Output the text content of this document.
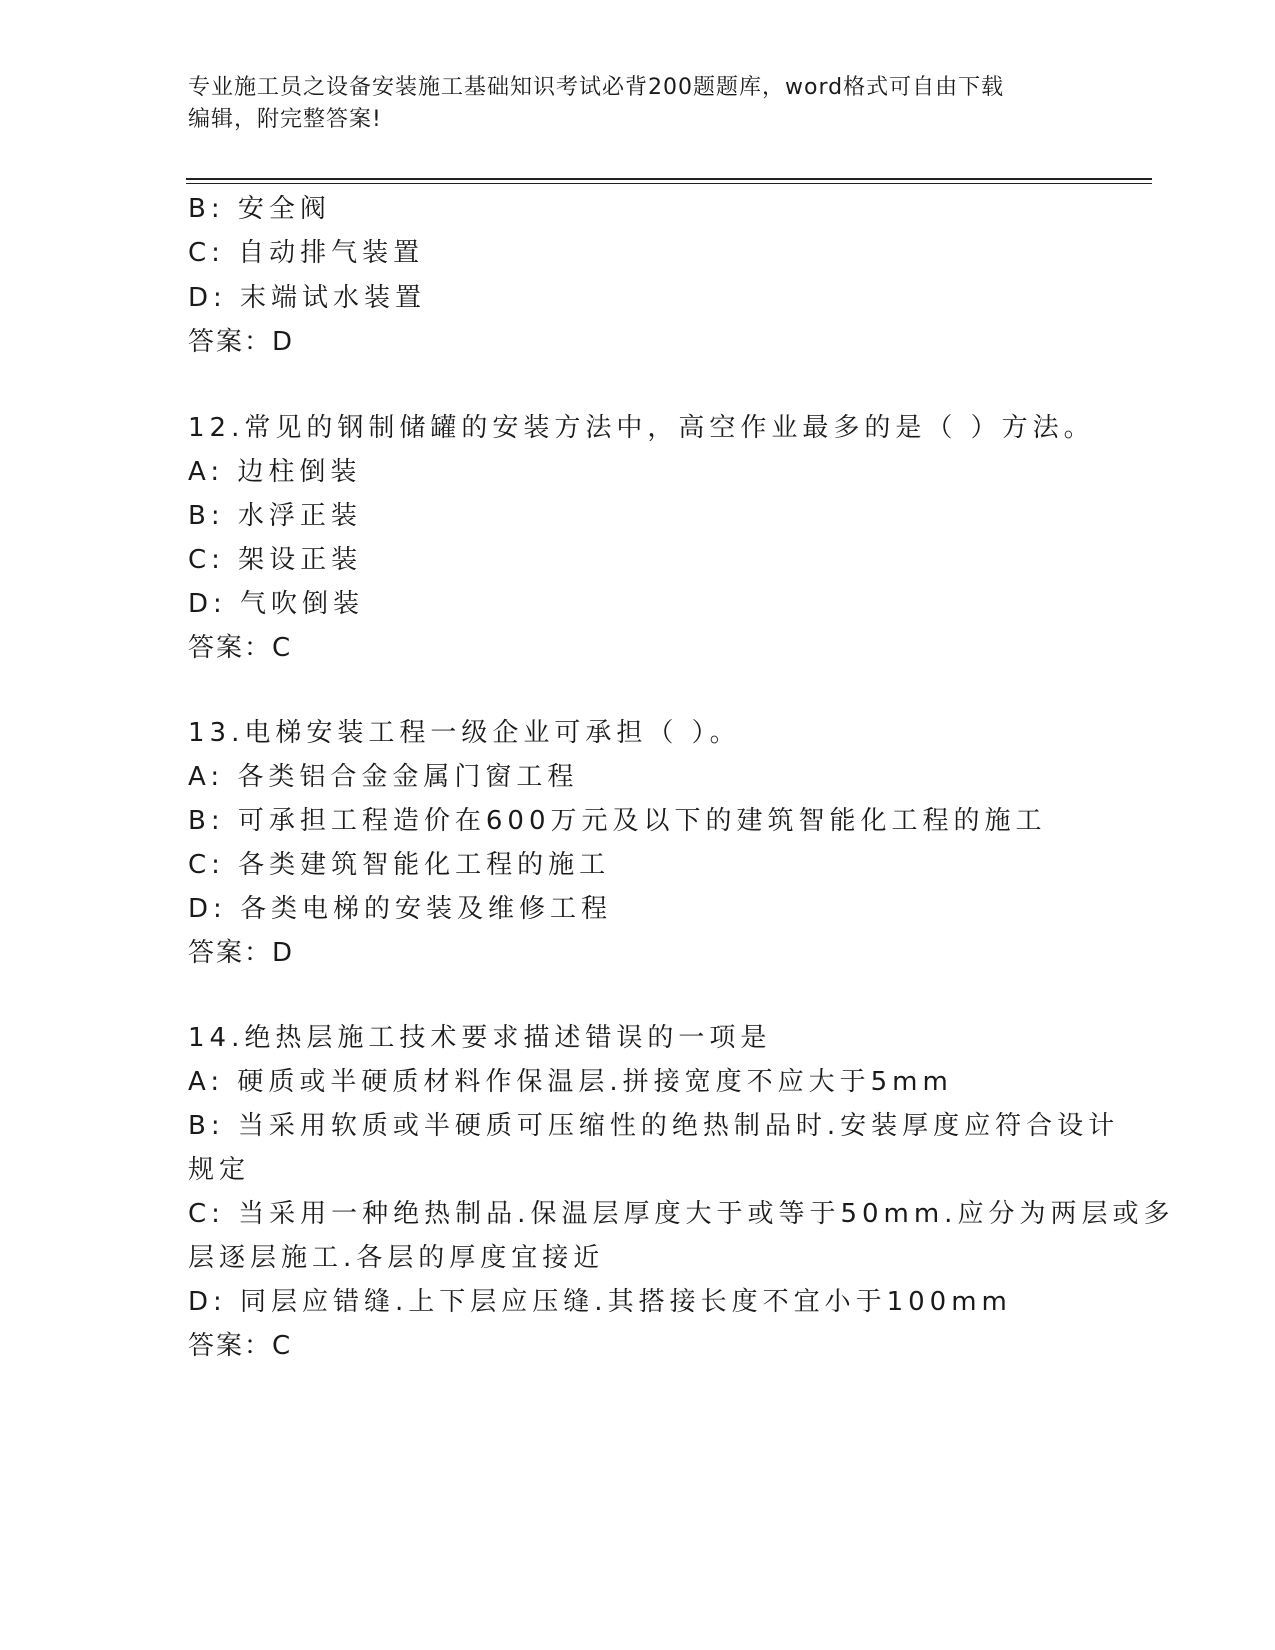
专业施工员之设备安装施工基础知识考试必背200题题库，word格式可自由下载
编辑，附完整答案!
B: 安全阀
C: 自动排气装置
D: 末端试水装置
答案：D
12.常见的钢制储罐的安装方法中，高空作业最多的是（ ）方法。
A: 边柱倒装
B: 水浮正装
C: 架设正装
D: 气吹倒装
答案：C
13.电梯安装工程一级企业可承担（ ）。
A: 各类铝合金金属门窗工程
B: 可承担工程造价在600万元及以下的建筑智能化工程的施工
C: 各类建筑智能化工程的施工
D: 各类电梯的安装及维修工程
答案：D
14.绝热层施工技术要求描述错误的一项是
A: 硬质或半硬质材料作保温层.拼接宽度不应大于5mm
B: 当采用软质或半硬质可压缩性的绝热制品时.安装厚度应符合设计
规定
C: 当采用一种绝热制品.保温层厚度大于或等于50mm.应分为两层或多
层逐层施工.各层的厚度宜接近
D: 同层应错缝.上下层应压缝.其搭接长度不宜小于100mm
答案：C
